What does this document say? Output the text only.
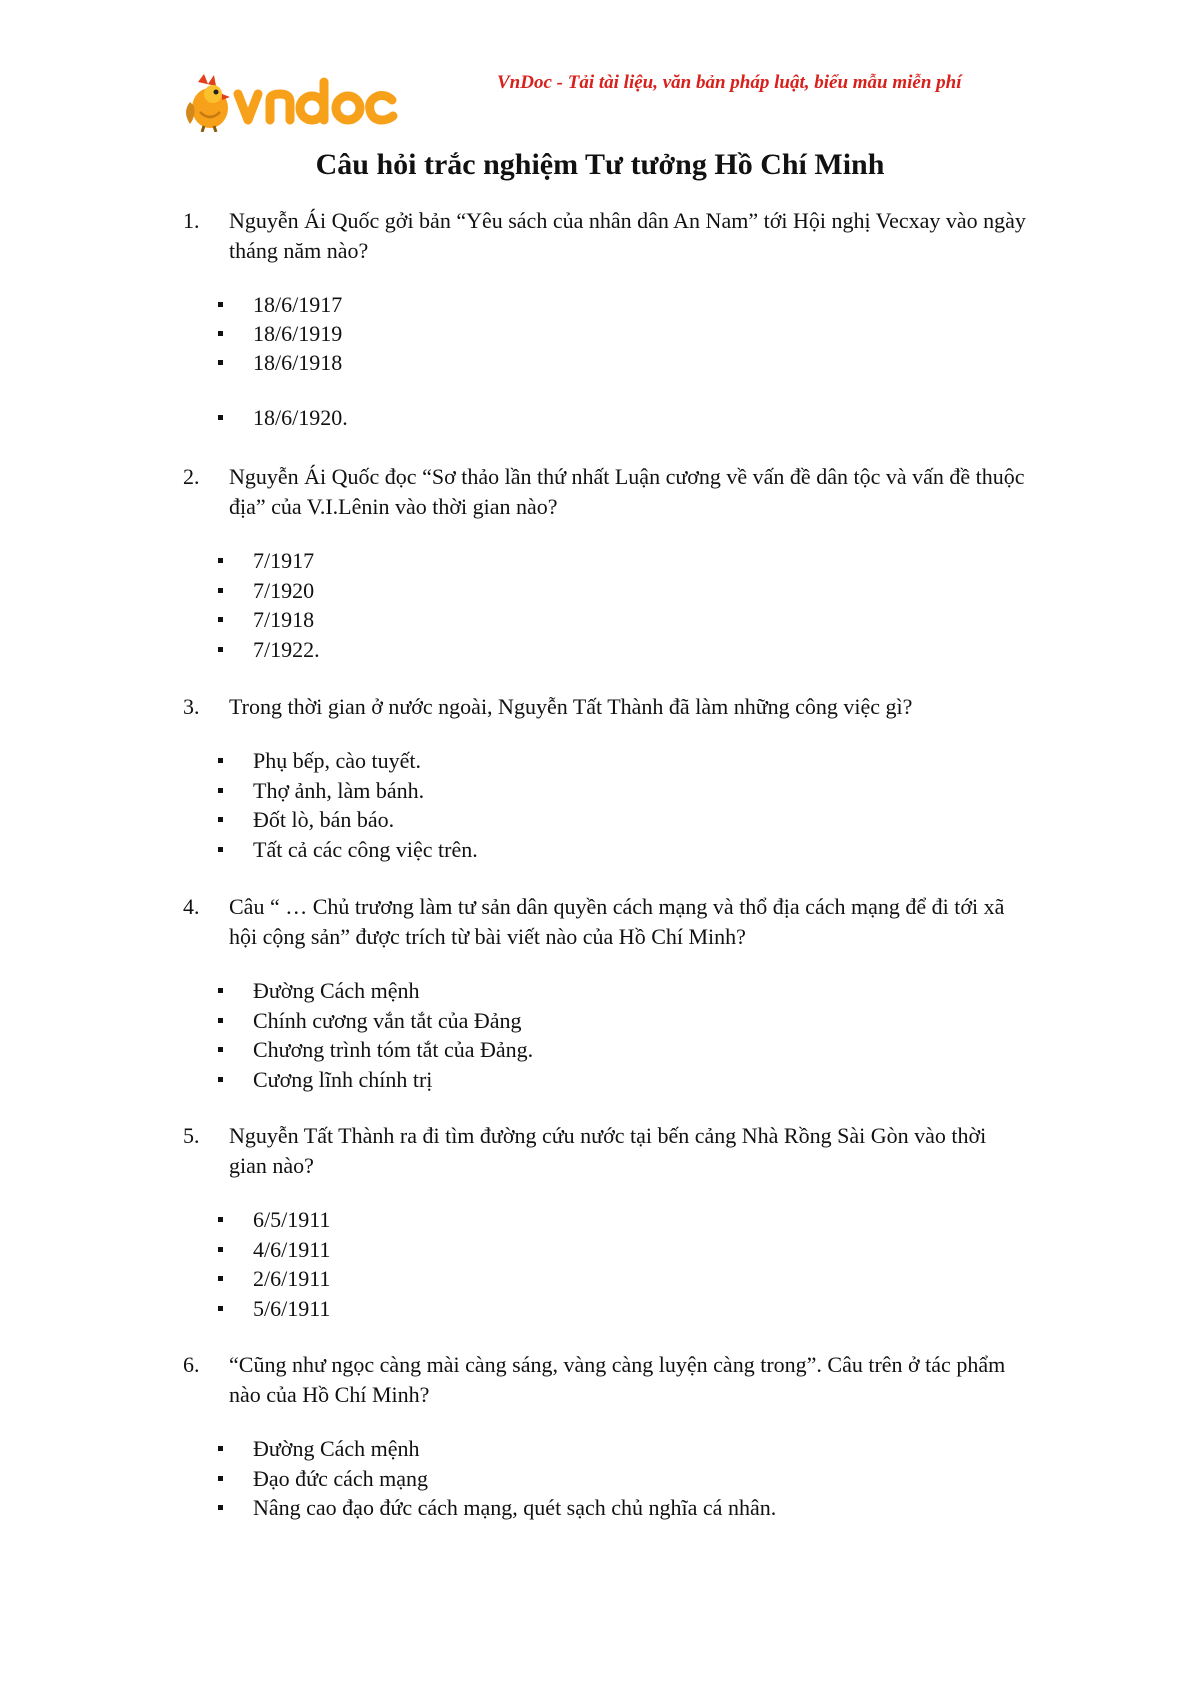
VnDoc - Tải tài liệu, văn bản pháp luật, biểu mẫu miễn phí
Câu hỏi trắc nghiệm Tư tưởng Hồ Chí Minh
1. Nguyễn Ái Quốc gởi bản “Yêu sách của nhân dân An Nam” tới Hội nghị Vecxay vào ngày tháng năm nào?
18/6/1917
18/6/1919
18/6/1918
18/6/1920.
2. Nguyễn Ái Quốc đọc “Sơ thảo lần thứ nhất Luận cương về vấn đề dân tộc và vấn đề thuộc địa” của V.I.Lênin vào thời gian nào?
7/1917
7/1920
7/1918
7/1922.
3. Trong thời gian ở nước ngoài, Nguyễn Tất Thành đã làm những công việc gì?
Phụ bếp, cào tuyết.
Thợ ảnh, làm bánh.
Đốt lò, bán báo.
Tất cả các công việc trên.
4. Câu “ … Chủ trương làm tư sản dân quyền cách mạng và thổ địa cách mạng để đi tới xã hội cộng sản” được trích từ bài viết nào của Hồ Chí Minh?
Đường Cách mệnh
Chính cương vắn tắt của Đảng
Chương trình tóm tắt của Đảng.
Cương lĩnh chính trị
5. Nguyễn Tất Thành ra đi tìm đường cứu nước tại bến cảng Nhà Rồng Sài Gòn vào thời gian nào?
6/5/1911
4/6/1911
2/6/1911
5/6/1911
6. “Cũng như ngọc càng mài càng sáng, vàng càng luyện càng trong”. Câu trên ở tác phẩm nào của Hồ Chí Minh?
Đường Cách mệnh
Đạo đức cách mạng
Nâng cao đạo đức cách mạng, quét sạch chủ nghĩa cá nhân.
